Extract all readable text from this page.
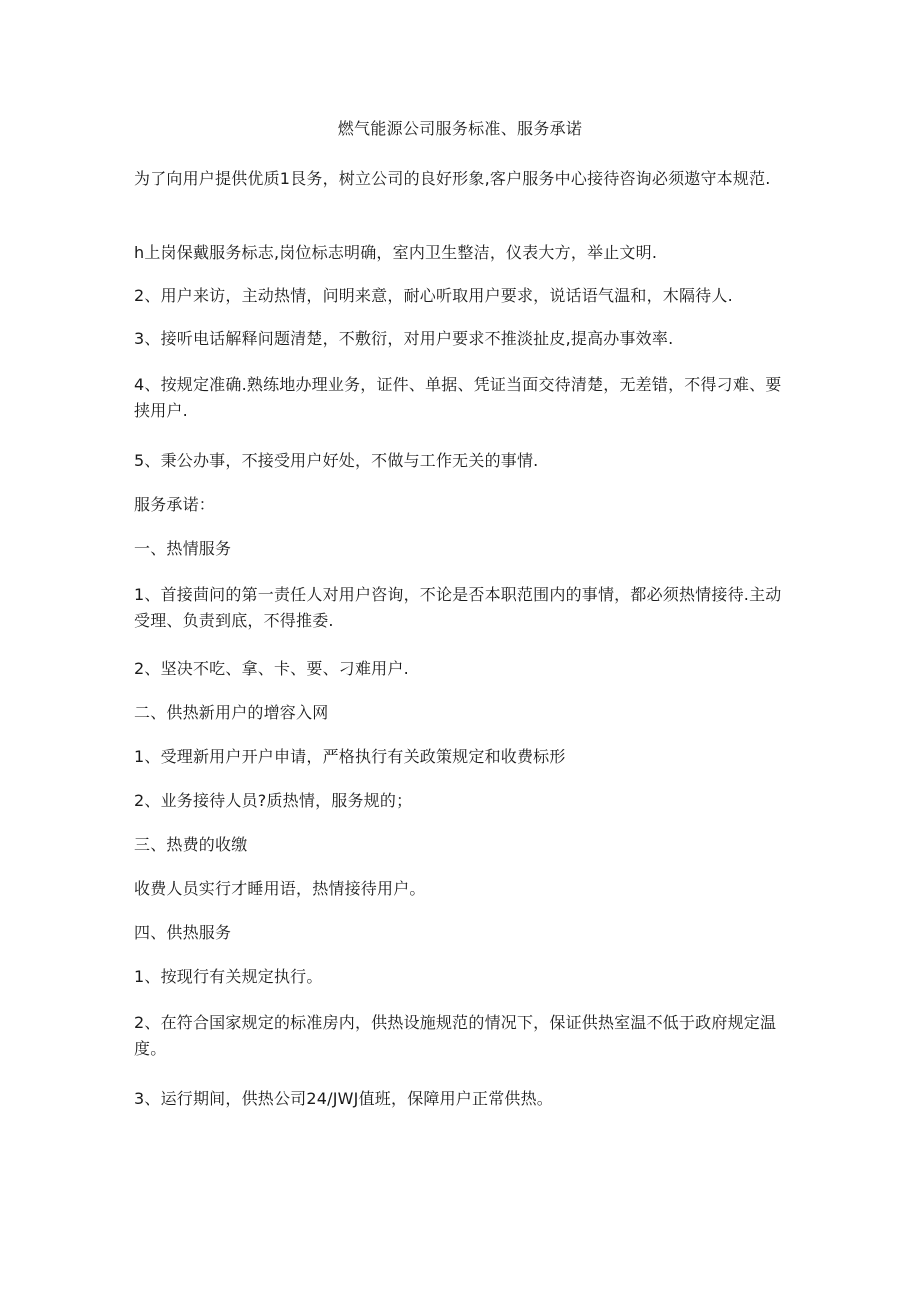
燃气能源公司服务标准、服务承诺

为了向用户提供优质1艮务，树立公司的良好形象,客户服务中心接待咨询必须遨守本规范.

h上岗保戴服务标志,岗位标志明确，室内卫生整洁，仪表大方，举止文明.

2、用户来访，主动热情，问明来意，耐心听取用户要求，说话语气温和，木隔待人.

3、接听电话解释问题清楚，不敷衍，对用户要求不推淡扯皮,提高办事效率.

4、按规定准确.熟练地办理业务，证件、单据、凭证当面交待清楚，无差错，不得刁难、要挟用户.

5、秉公办事，不接受用户好处，不做与工作无关的事情.

服务承诺：

一、热情服务

1、首接茴问的第一责任人对用户咨询，不论是否本职范围内的事情，都必须热情接待.主动受理、负责到底，不得推委.

2、坚决不吃、拿、卡、要、刁难用户.

二、供热新用户的增容入网

1、受理新用户开户申请，严格执行有关政策规定和收费标形

2、业务接待人员?质热情，服务规的；

三、热费的收缴

收费人员实行才睡用语，热情接待用户。

四、供热服务

1、按现行有关规定执行。

2、在符合国家规定的标准房内，供热设施规范的情况下，保证供热室温不低于政府规定温度。

3、运行期间，供热公司24/JWJ值班，保障用户正常供热。
